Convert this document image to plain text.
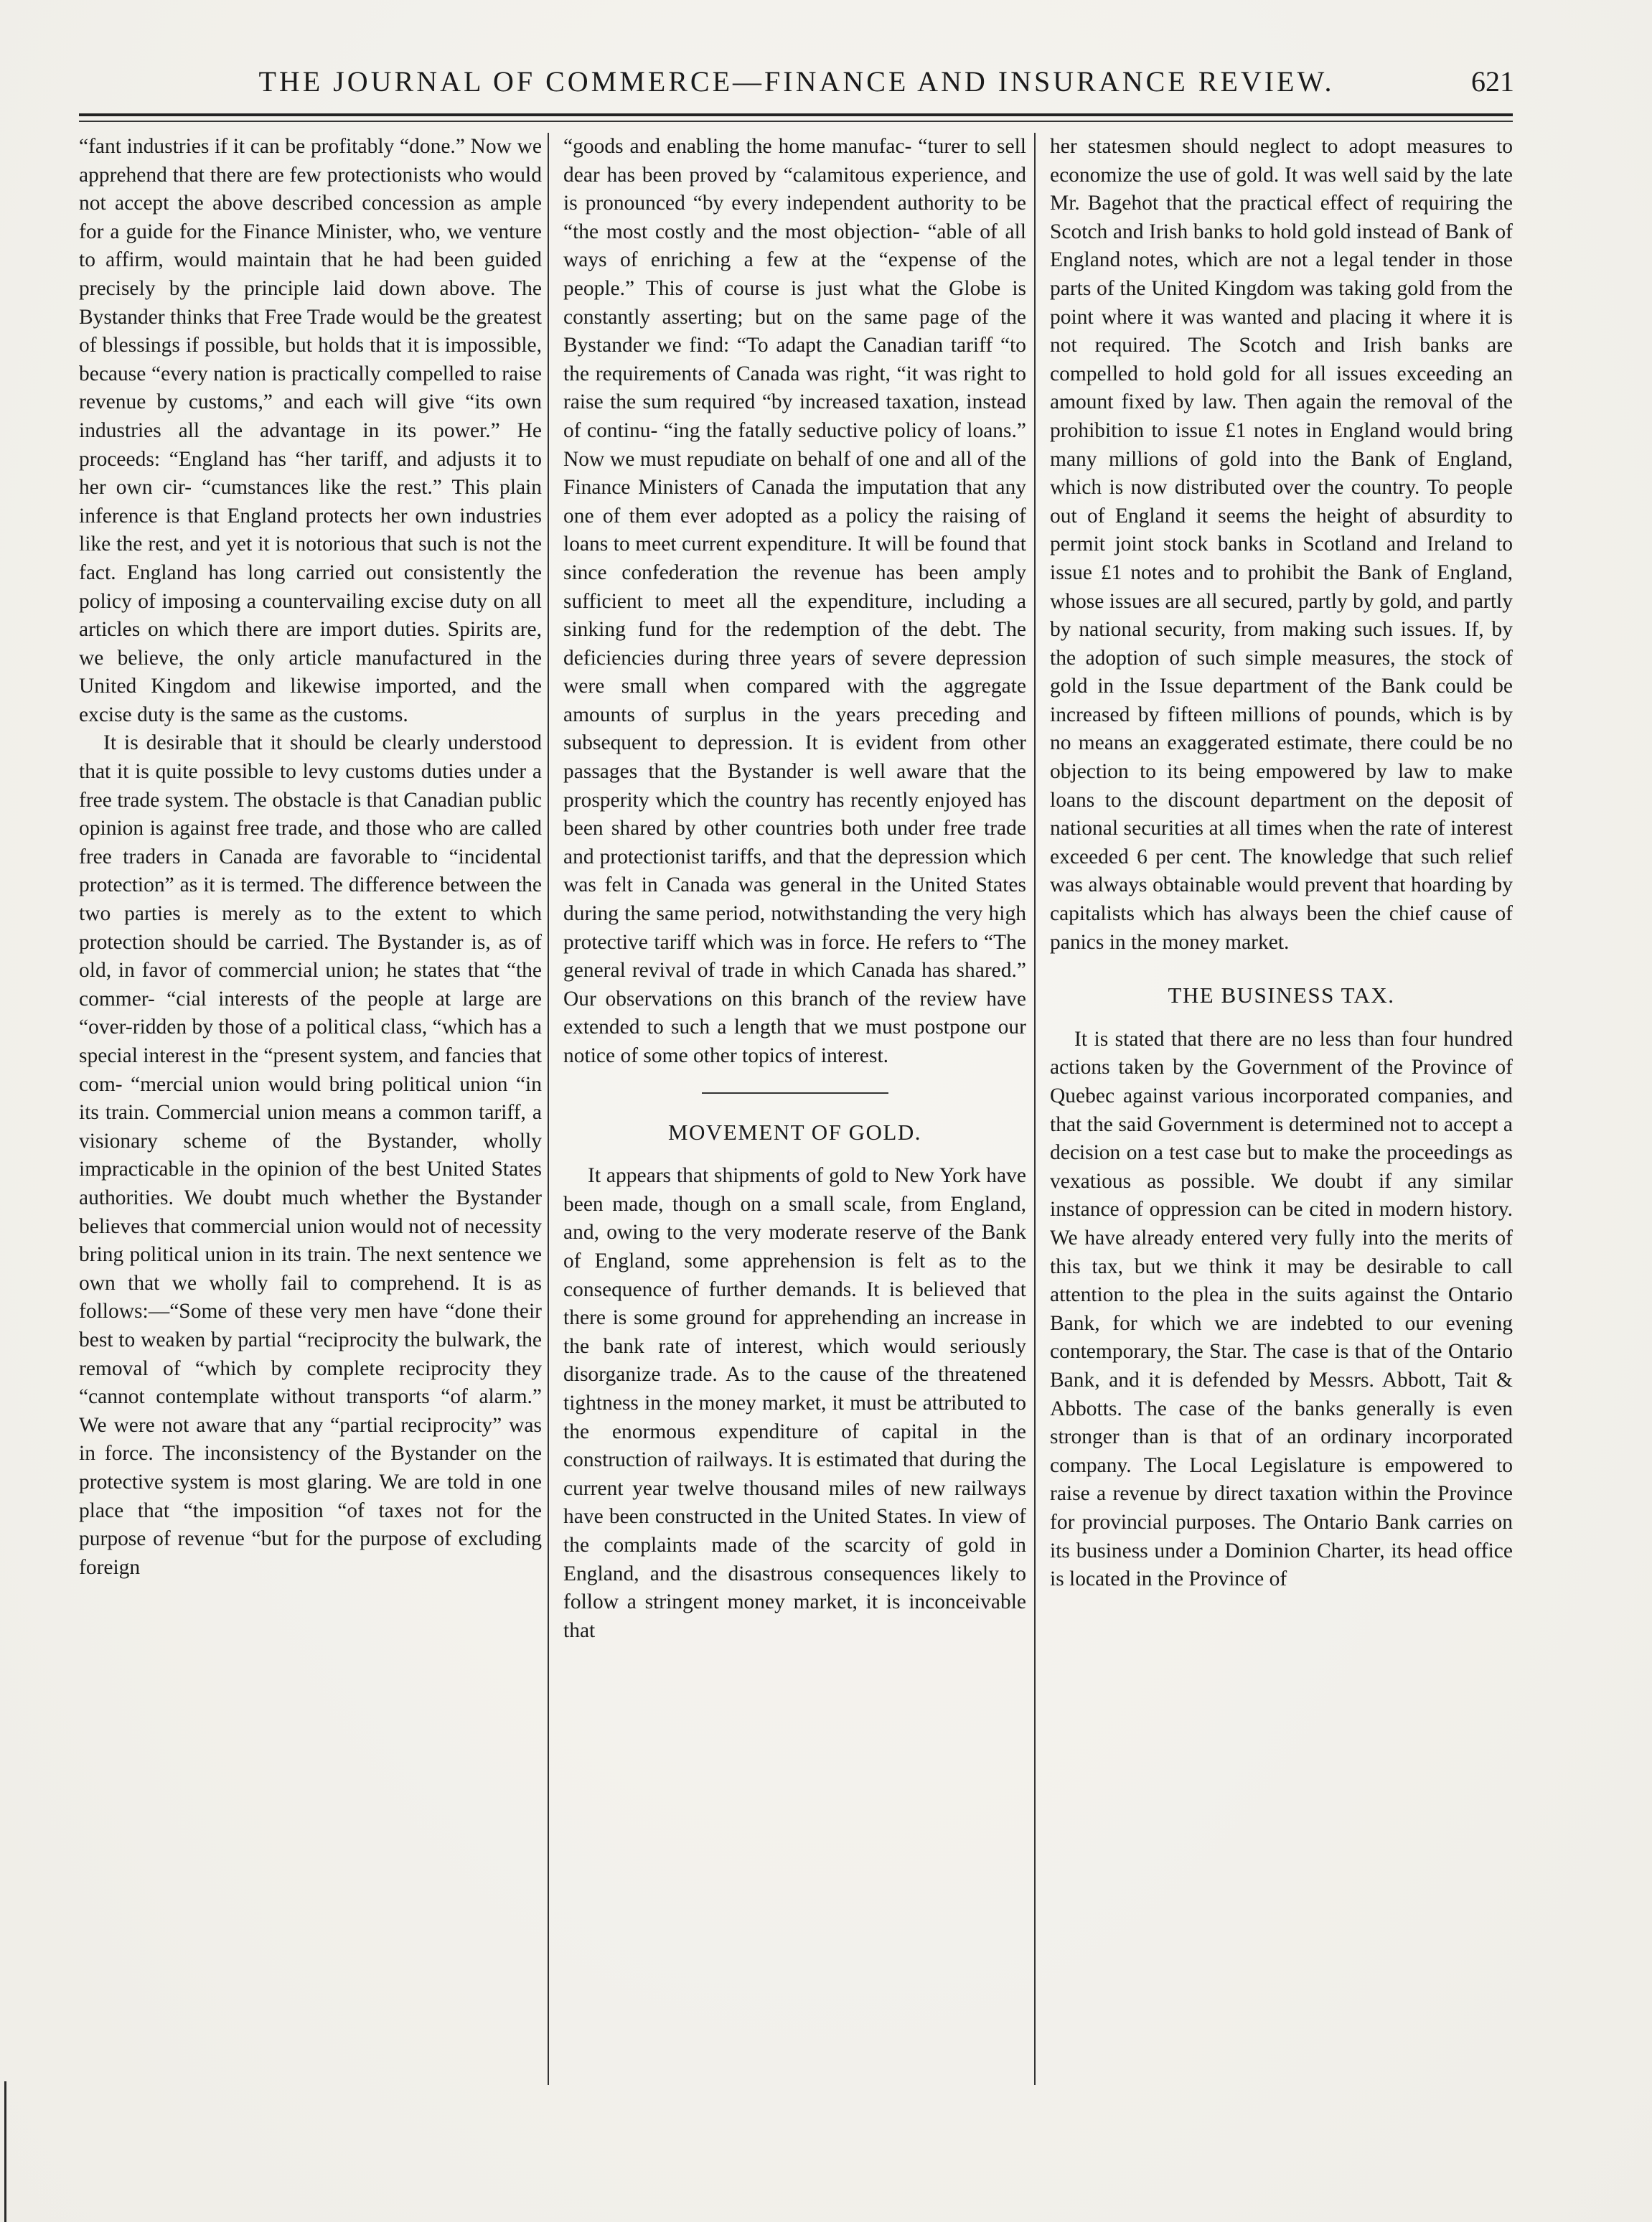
THE JOURNAL OF COMMERCE—FINANCE AND INSURANCE REVIEW.	621

“fant industries if it can be profitably “done.” Now we apprehend that there are few protectionists who would not accept the above described concession as ample for a guide for the Finance Minister, who, we venture to affirm, would maintain that he had been guided precisely by the principle laid down above. The Bystander thinks that Free Trade would be the greatest of blessings if possible, but holds that it is impossible, because “every nation is practically compelled to raise revenue by customs,” and each will give “its own industries all the advantage in its power.” He proceeds: “England has “her tariff, and adjusts it to her own cir- “cumstances like the rest.” This plain inference is that England protects her own industries like the rest, and yet it is notorious that such is not the fact. England has long carried out consistently the policy of imposing a countervailing excise duty on all articles on which there are import duties. Spirits are, we believe, the only article manufactured in the United Kingdom and likewise imported, and the excise duty is the same as the customs.

It is desirable that it should be clearly understood that it is quite possible to levy customs duties under a free trade system. The obstacle is that Canadian public opinion is against free trade, and those who are called free traders in Canada are favorable to “incidental protection” as it is termed. The difference between the two parties is merely as to the extent to which protection should be carried. The Bystander is, as of old, in favor of commercial union; he states that “the commer- “cial interests of the people at large are “over-ridden by those of a political class, “which has a special interest in the “present system, and fancies that com- “mercial union would bring political union “in its train. Commercial union means a common tariff, a visionary scheme of the Bystander, wholly impracticable in the opinion of the best United States authorities. We doubt much whether the Bystander believes that commercial union would not of necessity bring political union in its train. The next sentence we own that we wholly fail to comprehend. It is as follows:—“Some of these very men have “done their best to weaken by partial “reciprocity the bulwark, the removal of “which by complete reciprocity they “cannot contemplate without transports “of alarm.” We were not aware that any “partial reciprocity” was in force. The inconsistency of the Bystander on the protective system is most glaring. We are told in one place that “the imposition “of taxes not for the purpose of revenue “but for the purpose of excluding foreign

“goods and enabling the home manufac- “turer to sell dear has been proved by “calamitous experience, and is pronounced “by every independent authority to be “the most costly and the most objection- “able of all ways of enriching a few at the “expense of the people.” This of course is just what the Globe is constantly asserting; but on the same page of the Bystander we find: “To adapt the Canadian tariff “to the requirements of Canada was right, “it was right to raise the sum required “by increased taxation, instead of continu- “ing the fatally seductive policy of loans.” Now we must repudiate on behalf of one and all of the Finance Ministers of Canada the imputation that any one of them ever adopted as a policy the raising of loans to meet current expenditure. It will be found that since confederation the revenue has been amply sufficient to meet all the expenditure, including a sinking fund for the redemption of the debt. The deficiencies during three years of severe depression were small when compared with the aggregate amounts of surplus in the years preceding and subsequent to depression. It is evident from other passages that the Bystander is well aware that the prosperity which the country has recently enjoyed has been shared by other countries both under free trade and protectionist tariffs, and that the depression which was felt in Canada was general in the United States during the same period, notwithstanding the very high protective tariff which was in force. He refers to “The general revival of trade in which Canada has shared.” Our observations on this branch of the review have extended to such a length that we must postpone our notice of some other topics of interest.

MOVEMENT OF GOLD.

It appears that shipments of gold to New York have been made, though on a small scale, from England, and, owing to the very moderate reserve of the Bank of England, some apprehension is felt as to the consequence of further demands. It is believed that there is some ground for apprehending an increase in the bank rate of interest, which would seriously disorganize trade. As to the cause of the threatened tightness in the money market, it must be attributed to the enormous expenditure of capital in the construction of railways. It is estimated that during the current year twelve thousand miles of new railways have been constructed in the United States. In view of the complaints made of the scarcity of gold in England, and the disastrous consequences likely to follow a stringent money market, it is inconceivable that

her statesmen should neglect to adopt measures to economize the use of gold. It was well said by the late Mr. Bagehot that the practical effect of requiring the Scotch and Irish banks to hold gold instead of Bank of England notes, which are not a legal tender in those parts of the United Kingdom was taking gold from the point where it was wanted and placing it where it is not required. The Scotch and Irish banks are compelled to hold gold for all issues exceeding an amount fixed by law. Then again the removal of the prohibition to issue £1 notes in England would bring many millions of gold into the Bank of England, which is now distributed over the country. To people out of England it seems the height of absurdity to permit joint stock banks in Scotland and Ireland to issue £1 notes and to prohibit the Bank of England, whose issues are all secured, partly by gold, and partly by national security, from making such issues. If, by the adoption of such simple measures, the stock of gold in the Issue department of the Bank could be increased by fifteen millions of pounds, which is by no means an exaggerated estimate, there could be no objection to its being empowered by law to make loans to the discount department on the deposit of national securities at all times when the rate of interest exceeded 6 per cent. The knowledge that such relief was always obtainable would prevent that hoarding by capitalists which has always been the chief cause of panics in the money market.

THE BUSINESS TAX.

It is stated that there are no less than four hundred actions taken by the Government of the Province of Quebec against various incorporated companies, and that the said Government is determined not to accept a decision on a test case but to make the proceedings as vexatious as possible. We doubt if any similar instance of oppression can be cited in modern history. We have already entered very fully into the merits of this tax, but we think it may be desirable to call attention to the plea in the suits against the Ontario Bank, for which we are indebted to our evening contemporary, the Star. The case is that of the Ontario Bank, and it is defended by Messrs. Abbott, Tait & Abbotts. The case of the banks generally is even stronger than is that of an ordinary incorporated company. The Local Legislature is empowered to raise a revenue by direct taxation within the Province for provincial purposes. The Ontario Bank carries on its business under a Dominion Charter, its head office is located in the Province of
